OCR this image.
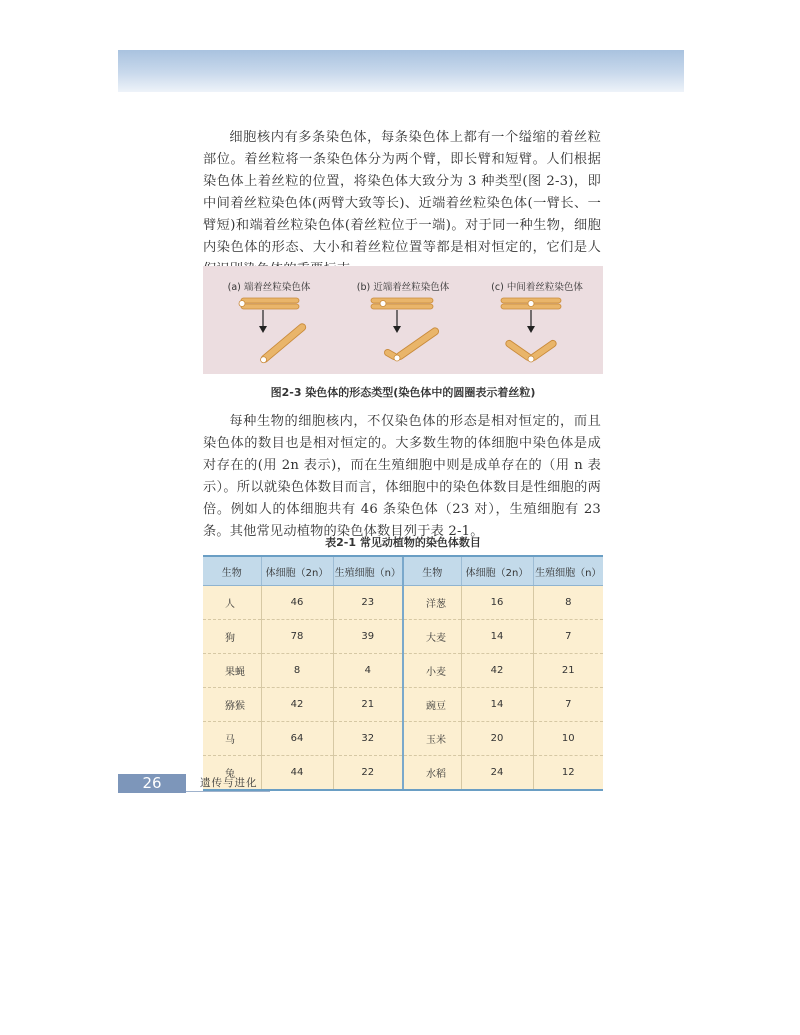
细胞核内有多条染色体，每条染色体上都有一个缢缩的着丝粒部位。着丝粒将一条染色体分为两个臂，即长臂和短臂。人们根据染色体上着丝粒的位置，将染色体大致分为 3 种类型(图 2-3)，即中间着丝粒染色体(两臂大致等长)、近端着丝粒染色体(一臂长、一臂短)和端着丝粒染色体(着丝粒位于一端)。对于同一种生物，细胞内染色体的形态、大小和着丝粒位置等都是相对恒定的，它们是人

(a) 端着丝粒染色体	(b) 近端着丝粒染色体	(c) 中间着丝粒染色体
图2-3 染色体的形态类型(染色体中的圆圈表示着丝粒)

每种生物的细胞核内，不仅染色体的形态是相对恒定的，而且染色体的数目也是相对恒定的。大多数生物的体细胞中染色体是成对存在的(用 2n 表示)，而在生殖细胞中则是成单存在的（用 n 表示）。所以就染色体数目而言，体细胞中的染色体数目是性细胞的两倍。例如人的体细胞共有 46 条染色体（23 对），生殖细胞有 23 条。其他常见动植物的染色体数目列于表 2-1。

表2-1 常见动植物的染色体数目
生物	体细胞（2n）	生殖细胞（n）	生物	体细胞（2n）	生殖细胞（n）
人	46	23	洋葱	16	8
狗	78	39	大麦	14	7
果蝇	8	4	小麦	42	21
猕猴	42	21	豌豆	14	7
马	64	32	玉米	20	10
兔	44	22	水稻	24	12
26	遗传与进化
